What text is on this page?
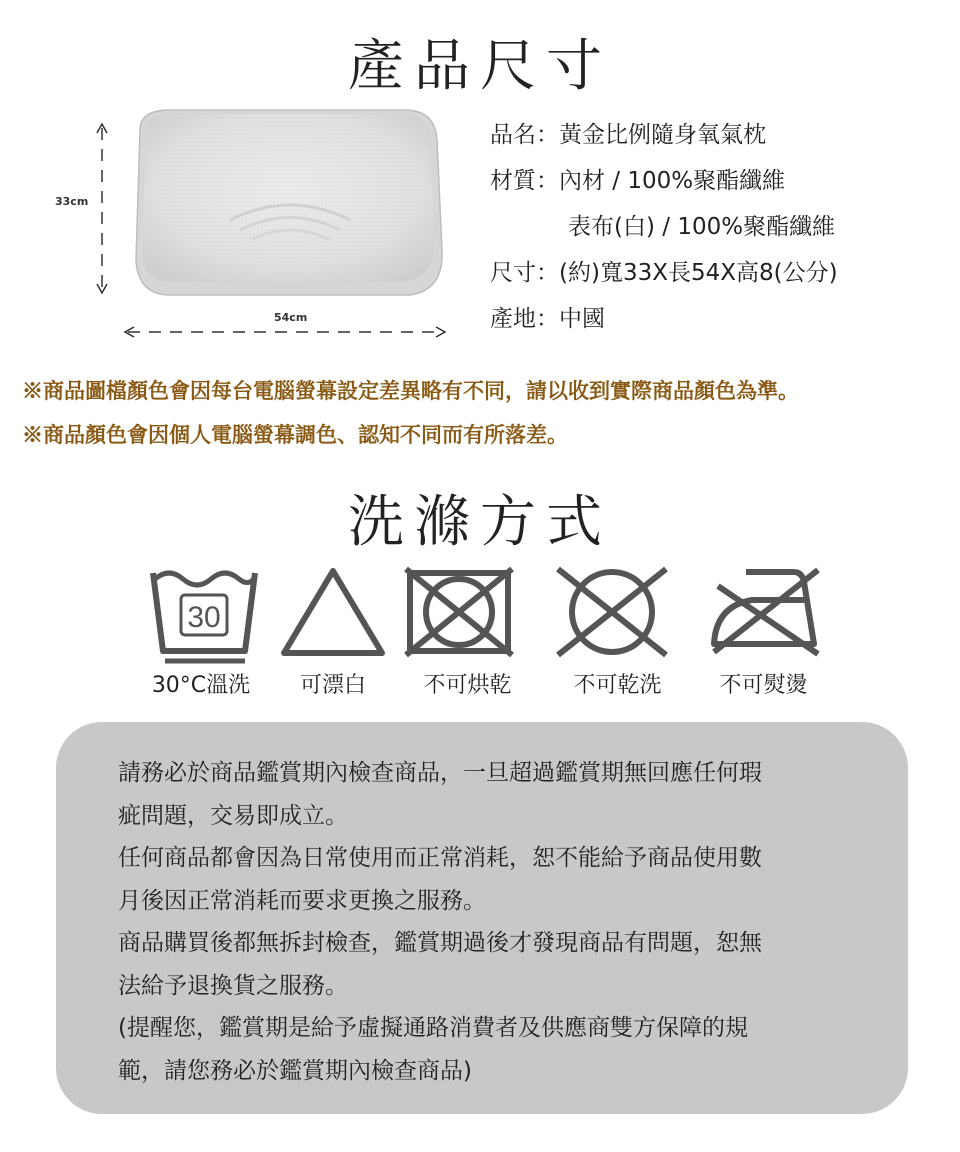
產品尺寸
33cm
54cm
品名：黃金比例隨身氧氣枕
材質：內材 / 100%聚酯纖維
表布(白) / 100%聚酯纖維
尺寸：(約)寬33X長54X高8(公分)
產地：中國
※商品圖檔顏色會因每台電腦螢幕設定差異略有不同，請以收到實際商品顏色為準。
※商品顏色會因個人電腦螢幕調色、認知不同而有所落差。
洗滌方式
30
30°C溫洗	可漂白	不可烘乾	不可乾洗	不可熨燙

請務必於商品鑑賞期內檢查商品，一旦超過鑑賞期無回應任何瑕

疵問題，交易即成立。

任何商品都會因為日常使用而正常消耗，恕不能給予商品使用數

月後因正常消耗而要求更換之服務。

商品購買後都無拆封檢查，鑑賞期過後才發現商品有問題，恕無

法給予退換貨之服務。

(提醒您，鑑賞期是給予虛擬通路消費者及供應商雙方保障的規

範，請您務必於鑑賞期內檢查商品)
